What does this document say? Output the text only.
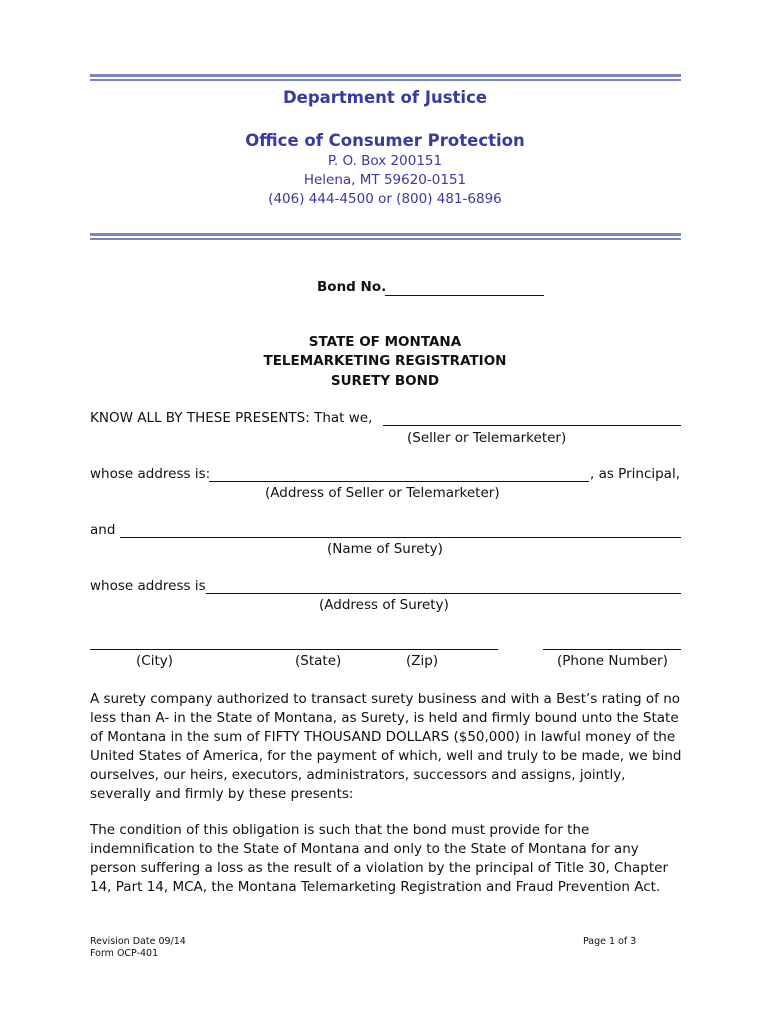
Department of Justice
Office of Consumer Protection
P. O. Box 200151
Helena, MT 59620-0151
(406) 444-4500 or (800) 481-6896
Bond No.
STATE OF MONTANA
TELEMARKETING REGISTRATION
SURETY BOND
KNOW ALL BY THESE PRESENTS: That we,
(Seller or Telemarketer)
whose address is:	, as Principal,
(Address of Seller or Telemarketer)
and
(Name of Surety)
whose address is
(Address of Surety)
(City)	(State)	(Zip)	(Phone Number)
A surety company authorized to transact surety business and with a Best’s rating of no less than A- in the State of Montana, as Surety, is held and firmly bound unto the State of Montana in the sum of FIFTY THOUSAND DOLLARS ($50,000) in lawful money of the United States of America, for the payment of which, well and truly to be made, we bind ourselves, our heirs, executors, administrators, successors and assigns, jointly, severally and firmly by these presents:
The condition of this obligation is such that the bond must provide for the indemnification to the State of Montana and only to the State of Montana for any person suffering a loss as the result of a violation by the principal of Title 30, Chapter 14, Part 14, MCA, the Montana Telemarketing Registration and Fraud Prevention Act.
Revision Date 09/14
Form OCP-401
Page 1 of 3
